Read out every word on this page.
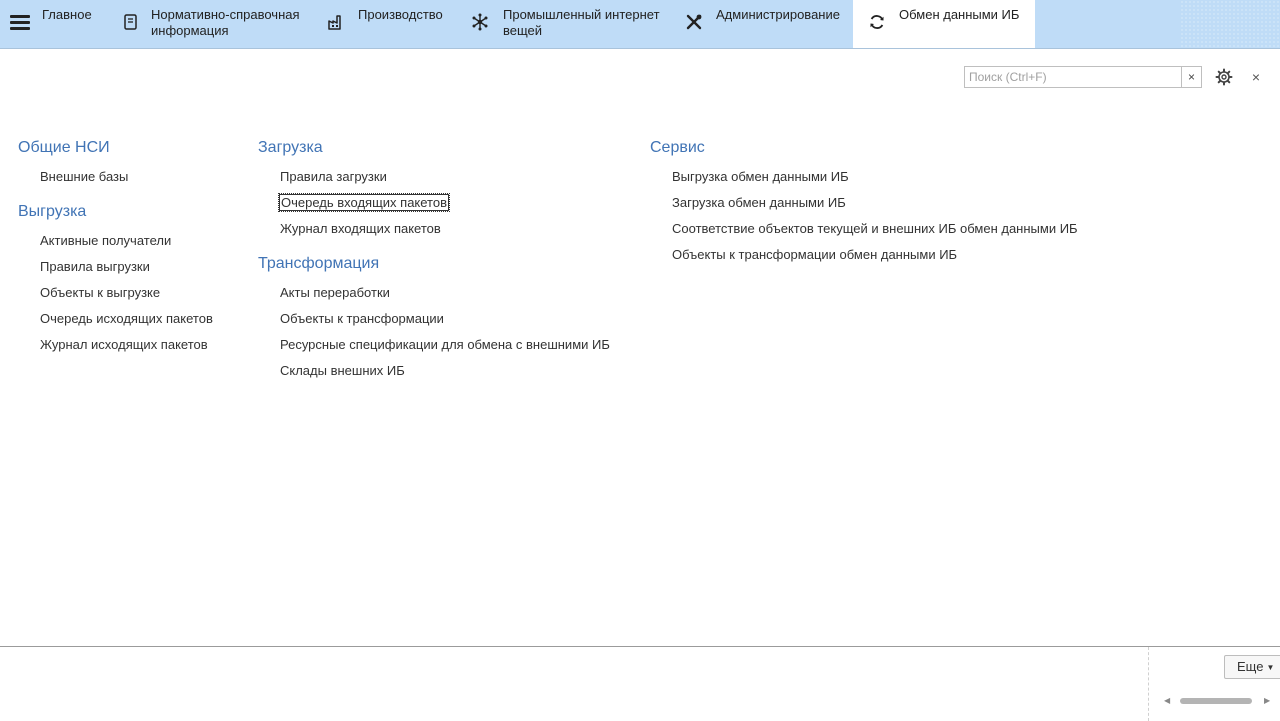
Главное	Нормативно-справочная
информация
Производство	Промышленный интернет
вещей
Администрирование	Обмен данными ИБ
Поиск (Ctrl+F)
×	×
Общие НСИ
Внешние базы
Выгрузка
Активные получатели
Правила выгрузки
Объекты к выгрузке
Очередь исходящих пакетов
Журнал исходящих пакетов
Загрузка
Правила загрузки
Очередь входящих пакетов
Журнал входящих пакетов
Трансформация
Акты переработки
Объекты к трансформации
Ресурсные спецификации для обмена с внешними ИБ
Склады внешних ИБ
Сервис
Выгрузка обмен данными ИБ
Загрузка обмен данными ИБ
Соответствие объектов текущей и внешних ИБ обмен данными ИБ
Объекты к трансформации обмен данными ИБ
Еще ▼
◀	▶
